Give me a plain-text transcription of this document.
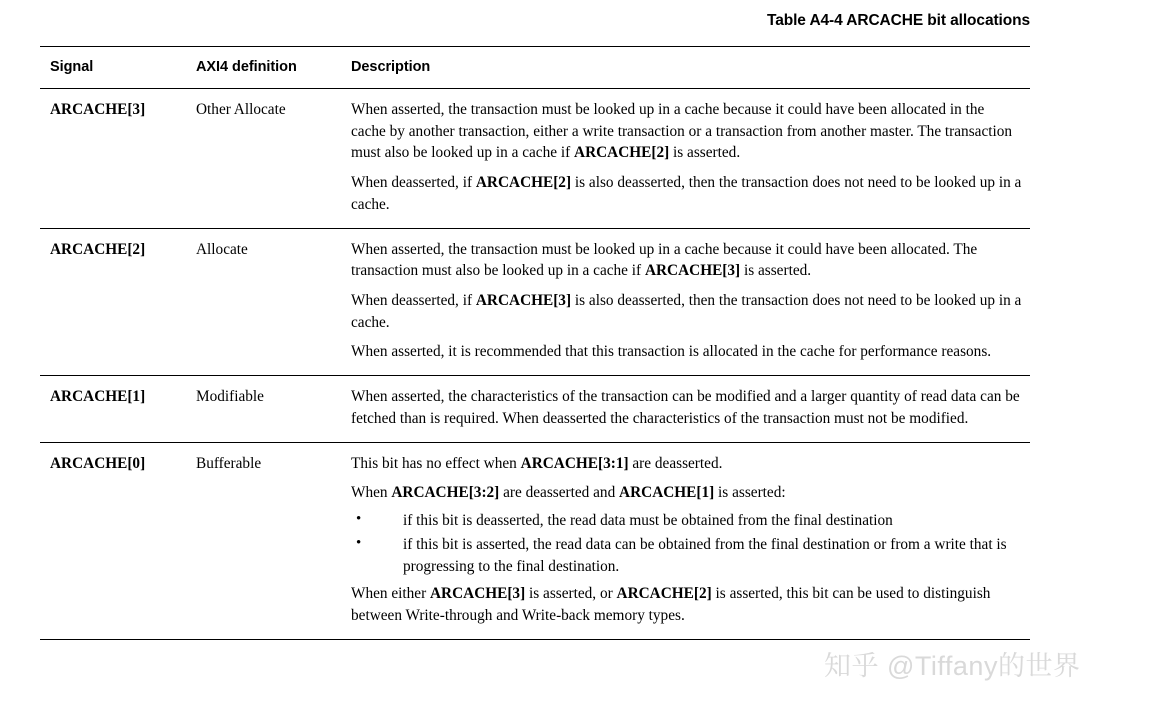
Table A4-4 ARCACHE bit allocations
Signal	AXI4 definition	Description
ARCACHE[3]	Other Allocate	When asserted, the transaction must be looked up in a cache because it could have been allocated in the cache by another transaction, either a write transaction or a transaction from another master. The transaction must also be looked up in a cache if ARCACHE[2] is asserted.
When deasserted, if ARCACHE[2] is also deasserted, then the transaction does not need to be looked up in a cache.

ARCACHE[2]	Allocate	When asserted, the transaction must be looked up in a cache because it could have been allocated. The transaction must also be looked up in a cache if ARCACHE[3] is asserted.
When deasserted, if ARCACHE[3] is also deasserted, then the transaction does not need to be looked up in a cache.
When asserted, it is recommended that this transaction is allocated in the cache for performance reasons.

ARCACHE[1]	Modifiable	When asserted, the characteristics of the transaction can be modified and a larger quantity of read data can be fetched than is required. When deasserted the characteristics of the transaction must not be modified.

ARCACHE[0]	Bufferable	This bit has no effect when ARCACHE[3:1] are deasserted.
When ARCACHE[3:2] are deasserted and ARCACHE[1] is asserted:
•	if this bit is deasserted, the read data must be obtained from the final destination
•	if this bit is asserted, the read data can be obtained from the final destination or from a write that is progressing to the final destination.
When either ARCACHE[3] is asserted, or ARCACHE[2] is asserted, this bit can be used to distinguish between Write-through and Write-back memory types.
知乎 @Tiffany的世界
